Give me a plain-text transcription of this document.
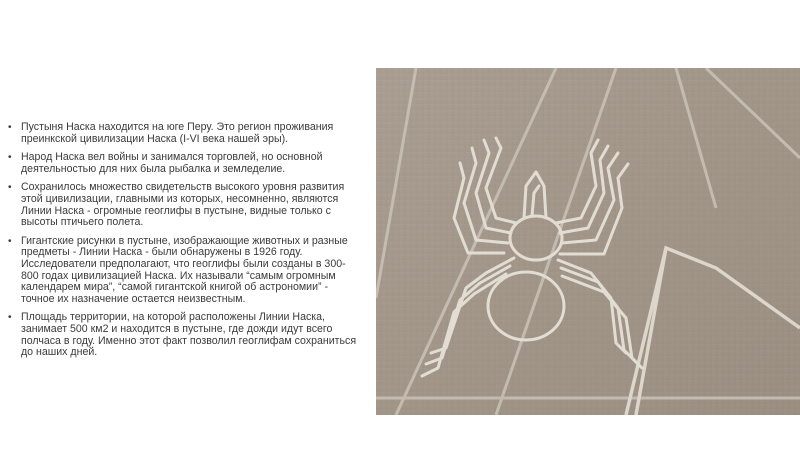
• Пустыня Наска находится на юге Перу. Это регион проживания преинкской цивилизации Наска (I-VI века нашей эры).
• Народ Наска вел войны и занимался торговлей, но основной деятельностью для них была рыбалка и земледелие.
• Сохранилось множество свидетельств высокого уровня развития этой цивилизации, главными из которых, несомненно, являются Линии Наска - огромные геоглифы в пустыне, видные только с высоты птичьего полета.
• Гигантские рисунки в пустыне, изображающие животных и разные предметы - Линии Наска - были обнаружены в 1926 году. Исследователи предполагают, что геоглифы были созданы в 300-800 годах цивилизацией Наска. Их называли “самым огромным календарем мира”, “самой гигантской книгой об астрономии” - точное их назначение остается неизвестным.
• Площадь территории, на которой расположены Линии Наска, занимает 500 км2 и находится в пустыне, где дожди идут всего полчаса в году. Именно этот факт позволил геоглифам сохраниться до наших дней.
